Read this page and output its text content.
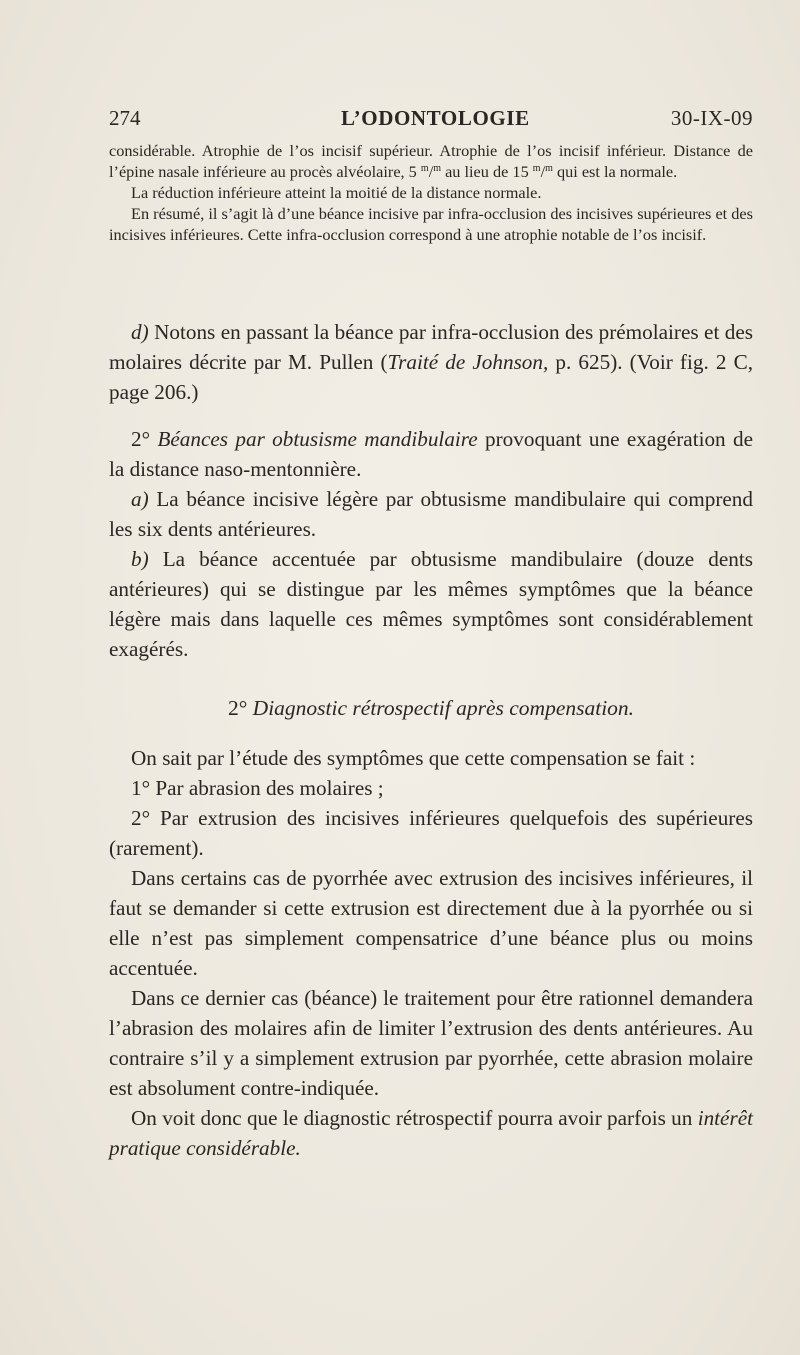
274	L’ODONTOLOGIE	30-IX-09

considérable. Atrophie de l’os incisif supérieur. Atrophie de l’os incisif inférieur. Distance de l’épine nasale inférieure au procès alvéolaire, 5 $^m$/$^m$ au lieu de 15 $^m$/$^m$ qui est la normale.

La réduction inférieure atteint la moitié de la distance normale.

En résumé, il s’agit là d’une béance incisive par infra-occlusion des incisives supérieures et des incisives inférieures. Cette infra-occlusion correspond à une atrophie notable de l’os incisif.

d) Notons en passant la béance par infra-occlusion des prémolaires et des molaires décrite par M. Pullen (Traité de Johnson, p. 625). (Voir fig. 2 C, page 206.)

2° Béances par obtusisme mandibulaire provoquant une exagération de la distance naso-mentonnière.

a) La béance incisive légère par obtusisme mandibulaire qui comprend les six dents antérieures.

b) La béance accentuée par obtusisme mandibulaire (douze dents antérieures) qui se distingue par les mêmes symptômes que la béance légère mais dans laquelle ces mêmes symptômes sont considérablement exagérés.

2° Diagnostic rétrospectif après compensation.

On sait par l’étude des symptômes que cette compensation se fait :

1° Par abrasion des molaires ;

2° Par extrusion des incisives inférieures quelquefois des supérieures (rarement).

Dans certains cas de pyorrhée avec extrusion des incisives inférieures, il faut se demander si cette extrusion est directement due à la pyorrhée ou si elle n’est pas simplement compensatrice d’une béance plus ou moins accentuée.

Dans ce dernier cas (béance) le traitement pour être rationnel demandera l’abrasion des molaires afin de limiter l’extrusion des dents antérieures. Au contraire s’il y a simplement extrusion par pyorrhée, cette abrasion molaire est absolument contre-indiquée.

On voit donc que le diagnostic rétrospectif pourra avoir parfois un intérêt pratique considérable.
